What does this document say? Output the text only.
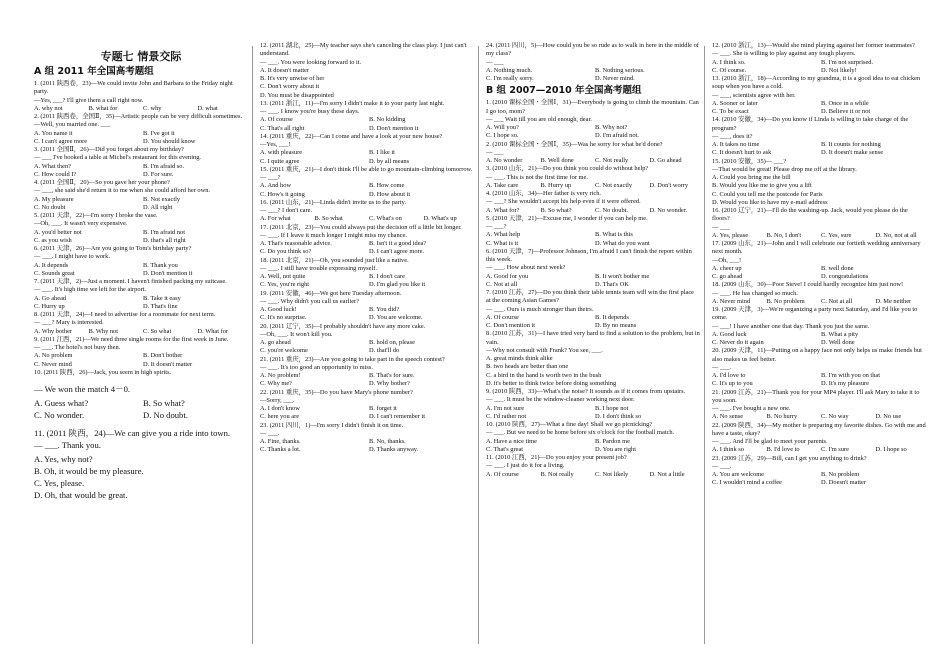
专题七 情景交际
A 组 2011 年全国高考题组
1. (2011 陕西卷，23)—We could invite John and Barbara to the Friday night party.
—Yes, ___? I'll give them a call right now.
A. why not	B. what for	C. why	D. what
2. (2011 陕西卷，全国Ⅱ，35)—Artistic people can be very difficult sometimes.
—Well, you married one. ___
A. You name it	B. I've got it
C. I can't agree more	D. You should know
3. (2011 全国Ⅱ，26)—Did you forget about my birthday?
— ___ I've booked a table at Michel's restaurant for this evening.
A. What then?	B. I'm afraid so.
C. How could I?	D. For sure.
4. (2011 全国Ⅱ，20)—So you gave her your phone?
— ___, she said she'd return it to me when she could afford her own.
A. My pleasure	B. Not exactly
C. No doubt	D. All right
5. (2011 天津，22)—I'm sorry I broke the vase.
—Oh, ___. It wasn't very expensive.
A. you'd better not	B. I'm afraid not
C. as you wish	D. that's all right
6. (2011 天津，26)—Are you going to Tom's birthday party?
— ___. I might have to work.
A. It depends	B. Thank you
C. Sounds great	D. Don't mention it
7. (2011 天津，2)—Just a moment. I haven't finished packing my suitcase.
— ___. It's high time we left for the airport.
A. Go ahead	B. Take it easy
C. Hurry up	D. That's fine
8. (2011 天津，24)—I need to advertise for a roommate for next term.
— ___? Mary is interested.
A. Why bother	B. Why not	C. So what	D. What for
9. (2011 江西，21)—We need three single rooms for the first week in June.
— ___. The hotel's not busy then.
A. No problem	B. Don't bother
C. Never mind	D. It doesn't matter
10. (2011 陕西，26)—Jack, you seem in high spirits.
— We won the match 4－0.
A. Guess what?	B. So what?
C. No wonder.	D. No doubt.
11. (2011 陕西，24)—We can give you a ride into town.
— ___. Thank you.
A. Yes, why not?
B. Oh, it would be my pleasure.
C. Yes, please.
D. Oh, that would be great.
12. (2011 湖北，25)—My teacher says she's canceling the class play. I just can't understand.
— ___. You were looking forward to it.
A. It doesn't matter
B. It's very unwise of her
C. Don't worry about it
D. You must be disappointed
13. (2011 浙江，11)—I'm sorry I didn't make it to your party last night.
— ___. I know you're busy these days.
A. Of course	B. No kidding
C. That's all right	D. Don't mention it
14. (2011 重庆，22)—Can I come and have a look at your new house?
—Yes, ___!
A. with pleasure	B. I like it
C. I quite agree	D. by all means
15. (2011 重庆，21)—I don't think I'll be able to go mountain-climbing tomorrow.
— ___?
A. And how	B. How come
C. How's it going	D. How about it
16. (2011 山东，21)—Linda didn't invite us to the party.
— ___? I don't care.
A. For what	B. So what	C. What's on	D. What's up
17. (2011 北京，23)—You could always put the decision off a little bit longer.
— ___. If I leave it much longer I might miss my chance.
A. That's reasonable advice.	B. Isn't it a good idea?
C. Do you think so?	D. I can't agree more.
18. (2011 北京，21)—Oh, you sounded just like a native.
— ___. I still have trouble expressing myself.
A. Well, not quite	B. I don't care
C. Yes, you're right	D. I'm glad you like it
19. (2011 安徽，46)—We got here Tuesday afternoon.
— ___. Why didn't you call us earlier?
A. Good luck!	B. You did?
C. It's no surprise.	D. You are welcome.
20. (2011 辽宁，35)—I probably shouldn't have any more cake.
—Oh, ___. It won't kill you.
A. go ahead	B. hold on, please
C. you're welcome	D. that'll do
21. (2011 重庆，23)—Are you going to take part in the speech contest?
— ___. It's too good an opportunity to miss.
A. No problem!	B. That's for sure.
C. Why me?	D. Why bother?
22. (2011 重庆，35)—Do you have Mary's phone number?
—Sorry, ___.
A. I don't know	B. forget it
C. here you are	D. I can't remember it
23. (2011 四川，1)—I'm sorry I didn't finish it on time.
— ___.
A. Fine, thanks.	B. No, thanks.
C. Thanks a lot.	D. Thanks anyway.
24. (2011 四川，5)—How could you be so rude as to walk in here in the middle of my class?
— ___
A. Nothing much.	B. Nothing serious.
C. I'm really sorry.	D. Never mind.
B 组 2007—2010 年全国高考题组
1. (2010 课标全国・全国Ⅰ，31)—Everybody is going to climb the mountain. Can I go too, mom?
— ___ Wait till you are old enough, dear.
A. Will you?	B. Why not?
C. I hope so.	D. I'm afraid not.
2. (2010 课标全国・全国Ⅰ，35)—Was he sorry for what he'd done?
— ___
A. No wonder	B. Well done	C. Not really	D. Go ahead
3. (2010 山东，21)—Do you think you could do without help?
— ___. This is not the first time for me.
A. Take care	B. Hurry up	C. Not exactly	D. Don't worry
4. (2010 山东，34)—Her father is very rich.
— ___? She wouldn't accept his help even if it were offered.
A. What for?	B. So what?	C. No doubt.	D. No wonder.
5. (2010 天津，21)—Excuse me, I wonder if you can help me.
— ___?
A. What help	B. What is this
C. What is it	D. What do you want
6. (2010 天津，7)—Professor Johnson, I'm afraid I can't finish the report within this week.
— ___. How about next week?
A. Good for you	B. It won't bother me
C. Not at all	D. That's OK
7. (2010 江苏，27)—Do you think their table tennis team will win the first place at the coming Asian Games?
— ___. Ours is much stronger than theirs.
A. Of course	B. It depends
C. Don't mention it	D. By no means
8. (2010 江苏，31)—I have tried very hard to find a solution to the problem, but in vain.
—Why not consult with Frank? You see, ___.
A. great minds think alike
B. two heads are better than one
C. a bird in the hand is worth two in the bush
D. it's better to think twice before doing something
9. (2010 陕西，33)—What's the noise? It sounds as if it comes from upstairs.
— ___. It must be the window-cleaner working next door.
A. I'm not sure	B. I hope not
C. I'd rather not	D. I don't think so
10. (2010 陕西，27)—What a fine day! Shall we go picnicking?
— ___. But we need to be home before six o'clock for the football match.
A. Have a nice time	B. Pardon me
C. That's great	D. You are right
11. (2010 江西，21)—Do you enjoy your present job?
— ___. I just do it for a living.
A. Of course	B. Not really	C. Not likely	D. Not a little
12. (2010 浙江，13)—Would she mind playing against her former teammates?
— ___. She is willing to play against any tough players.
A. I think so.	B. I'm not surprised.
C. Of course.	D. Not likely!
13. (2010 浙江，18)—According to my grandma, it is a good idea to eat chicken soup when you have a cold.
— ___, scientists agree with her.
A. Sooner or later	B. Once in a while
C. To be exact	D. Believe it or not
14. (2010 安徽，34)—Do you know if Linda is willing to take charge of the program?
— ___, does it?
A. It takes no time	B. It counts for nothing
C. It doesn't hurt to ask	D. It doesn't make sense
15. (2010 安徽，35)— ___?
—That would be great! Please drop me off at the library.
A. Could you bring me the bill
B. Would you like me to give you a lift
C. Could you tell me the postcode for Paris
D. Would you like to have my e-mail address
16. (2010 辽宁，21)—I'll do the washing-up. Jack, would you please do the floors?
— ___
A. Yes, please	B. No, I don't	C. Yes, sure	D. No, not at all
17. (2009 山东，21)—John and I will celebrate our fortieth wedding anniversary next month.
—Oh, ___!
A. cheer up	B. well done
C. go ahead	D. congratulations
18. (2009 山东，30)—Poor Steve! I could hardly recognize him just now!
— ___. He has changed so much.
A. Never mind	B. No problem	C. Not at all	D. Me neither
19. (2009 天津，3)—We're organizing a party next Saturday, and I'd like you to come.
— ___! I have another one that day. Thank you just the same.
A. Good luck	B. What a pity
C. Never do it again	D. Well done
20. (2009 天津，11)—Putting on a happy face not only helps us make friends but also makes us feel better.
— ___.
A. I'd love to	B. I'm with you on that
C. It's up to you	D. It's my pleasure
21. (2009 江苏，21)—Thank you for your MP4 player. I'll ask Mary to take it to you soon.
— ___. I've bought a new one.
A. No sense	B. No hurry	C. No way	D. No use
22. (2009 陕西，34)—My mother is preparing my favorite dishes. Go with me and have a taste, okay?
— ___. And I'll be glad to meet your parents.
A. I think so	B. I'd love to	C. I'm sure	D. I hope so
23. (2009 江苏，29)—Bill, can I get you anything to drink?
— ___.
A. You are welcome	B. No problem
C. I wouldn't mind a coffee	D. Doesn't matter
